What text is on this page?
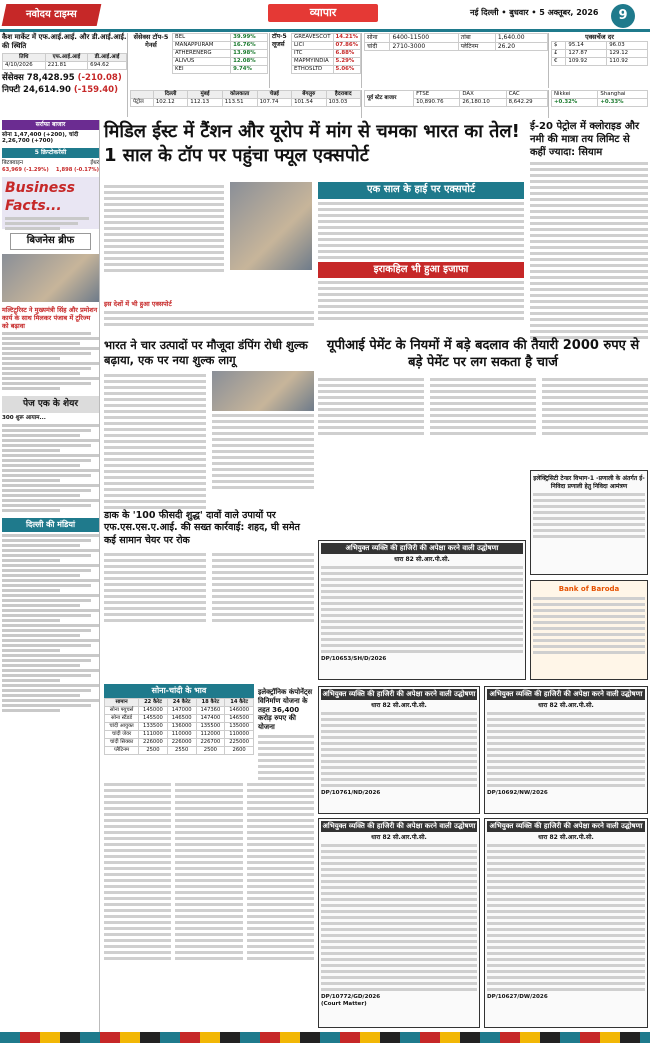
नवोदय टाइम्स	व्यापार	नई दिल्ली • बुधवार • 5 अक्तूबर, 2026	9
कैश मार्केट में एफ.आई.आई. और डी.आई.आई. की स्थिति
तिथि	एफ.आई.आई	डी.आई.आई
4/10/2026	221.81	694.62
सेंसेक्स 78,428.95 (-210.08)
निफ्टी 24,614.90 (-159.40)
सेंसेक्स टॉप-5 गेनर्स
BEL	39.99%
MANAPPURAM	16.76%
ATHERENERG	13.98%
ALIVUS	12.08%
KEI	9.74%
टॉप-5 लूजर्स
GREAVESCOT	14.21%
LICI	07.86%
ITC	6.88%
MAPMYINDIA	5.29%
ETHOSLTD	5.06%
सोना	6400-11500	तांबा	1,640.00
चांदी	2710-3000	प्लेटिनम	26.20
एक्सचेंज दर
$	95.14	96.03
£	127.87	129.12
€	109.92	110.92
	दिल्ली	मुंबई	कोलकाता	चेन्नई	बेंगलुरु	हैदराबाद
पेट्रोल	102.12	112.13	113.51	107.74	101.54	103.03
पूर्व स्टेट बाजार	FTSE	DAX	CAC
	10,890.76	26,180.10	8,642.29
Nikkei	Shanghai
+0.32%	+0.33%
सर्राफा बाजार
सोना 1,47,400 (+200), चांदी 2,26,700 (+700)
5 क्रिप्टोकरेंसी
बिटक्वाइन	ईथर
63,969 (-1.29%) 1,898 (-0.17%)
Business Facts...
बिजनेस ब्रीफ
मल्टिटूरिस्ट ने मुख्यमंत्री सिंह और प्रमोशन कार्य के साथ मिलकर पंजाब में टूरिज्म को बढ़ावा
पेज एक के शेयर
300 शुरू आयाम...
दिल्ली की मंडियां
मिडिल ईस्ट में टैंशन और यूरोप में मांग से चमका भारत का तेल! 1 साल के टॉप पर पहुंचा फ्यूल एक्सपोर्ट
इस देशों में भी हुआ एक्सपोर्ट
एक साल के हाई पर एक्सपोर्ट
इराकहिल भी हुआ इजाफा
ई-20 पेट्रोल में क्लोराइड और नमी की मात्रा तय लिमिट से कहीं ज्यादा: सियाम
भारत ने चार उत्पादों पर मौजूदा डंपिंग रोधी शुल्क बढ़ाया, एक पर नया शुल्क लागू
यूपीआई पेमेंट के नियमों में बड़े बदलाव की तैयारी 2000 रुपए से बड़े पेमेंट पर लग सकता है चार्ज
इलेक्ट्रिसिटी टेन्डर विभाग-1 -प्रणाली के अंतर्गत ई-निविदा प्रणाली हेतु निविदा आमंत्रण
डाक के '100 फीसदी शुद्ध' दावों वाले उपायों पर एफ.एस.एस.ए.आई. की सख्त कार्रवाई: शहद, घी समेत कई सामान चेयर पर रोक
अभियुक्त व्यक्ति की हाजिरी की अपेक्षा करने वाली उद्घोषणा
धारा 82 सी.आर.पी.सी.
DP/10653/SH/D/2026
Bank of Baroda
सोना-चांदी के भाव
सामान	22 कैरेट	24 कैरेट	18 कैरेट	14 कैरेट
सोना फ्यूचर्स	145000	147000	147360	146000
सोना स्टैंडर्ड	145500	146500	147400	146500
चांदी आयुक्त	133500	136000	135500	135000
चांदी जेवर	111000	110000	112000	110000
चांदी सिक्का	226000	226000	226700	225000
प्लैटिनम	2500	2550	2500	2600
इलेक्ट्रॉनिक कंपोनेंट्स विनिर्माण योजना के तहत 36,400 करोड़ रुपए की योजना
अभियुक्त व्यक्ति की हाजिरी की अपेक्षा करने वाली उद्घोषणा
धारा 82 सी.आर.पी.सी.
DP/10761/ND/2026
अभियुक्त व्यक्ति की हाजिरी की अपेक्षा करने वाली उद्घोषणा
धारा 82 सी.आर.पी.सी.
DP/10692/NW/2026
अभियुक्त व्यक्ति की हाजिरी की अपेक्षा करने वाली उद्घोषणा
धारा 82 सी.आर.पी.सी.
DP/10772/GD/2026
(Court Matter)
अभियुक्त व्यक्ति की हाजिरी की अपेक्षा करने वाली उद्घोषणा
धारा 82 सी.आर.पी.सी.
DP/10627/DW/2026
